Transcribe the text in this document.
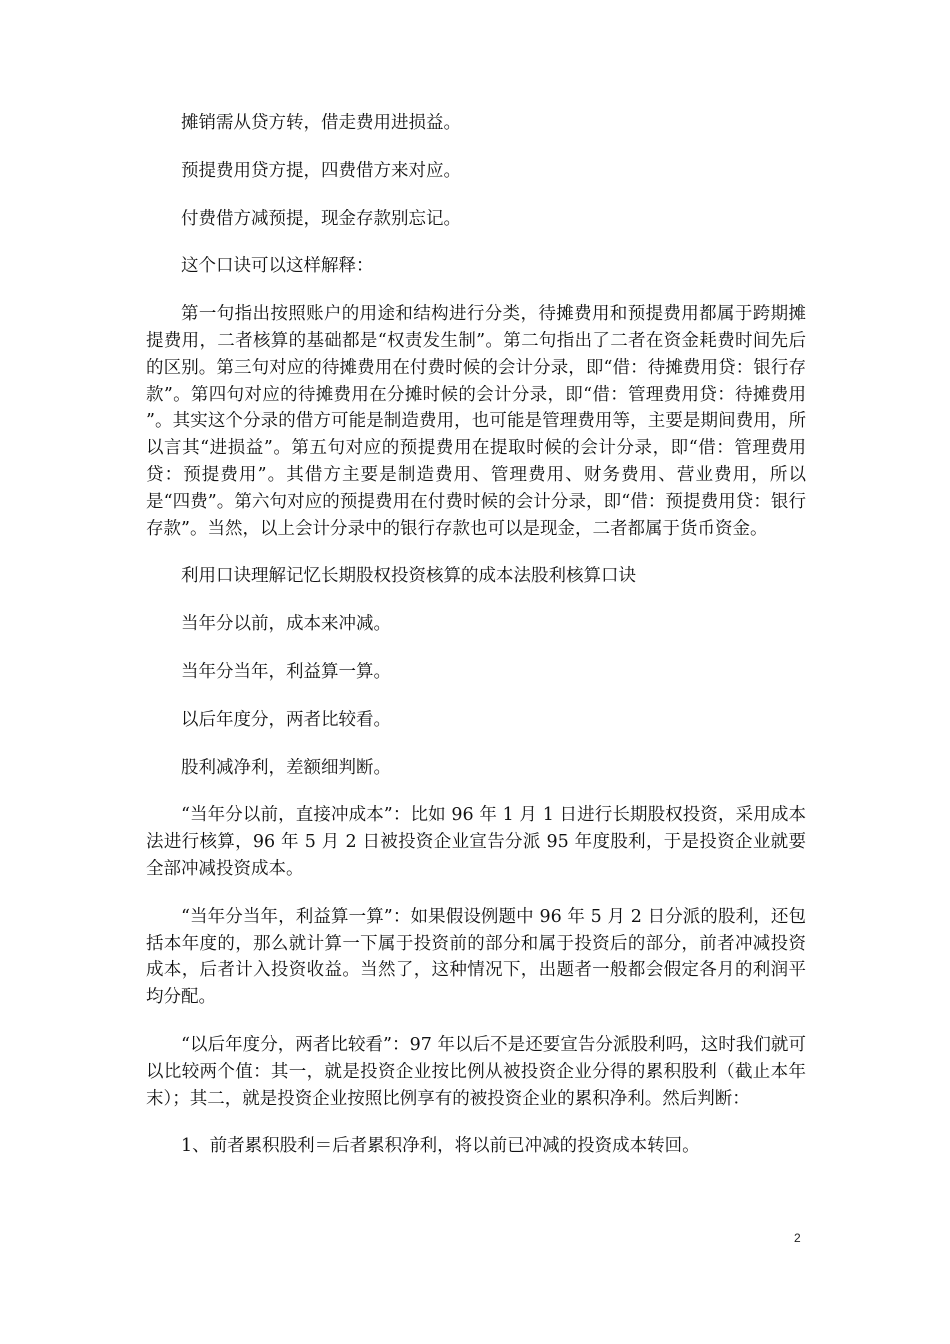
摊销需从贷方转，借走费用进损益。

预提费用贷方提，四费借方来对应。

付费借方减预提，现金存款别忘记。

这个口诀可以这样解释：

第一句指出按照账户的用途和结构进行分类，待摊费用和预提费用都属于跨期摊提费用，二者核算的基础都是“权责发生制”。第二句指出了二者在资金耗费时间先后的区别。第三句对应的待摊费用在付费时候的会计分录，即“借：待摊费用贷：银行存款”。第四句对应的待摊费用在分摊时候的会计分录，即“借：管理费用贷：待摊费用 ”。其实这个分录的借方可能是制造费用，也可能是管理费用等，主要是期间费用，所以言其“进损益”。第五句对应的预提费用在提取时候的会计分录，即“借：管理费用贷：预提费用”。其借方主要是制造费用、管理费用、财务费用、营业费用，所以是“四费”。第六句对应的预提费用在付费时候的会计分录，即“借：预提费用贷：银行存款”。当然，以上会计分录中的银行存款也可以是现金，二者都属于货币资金。

利用口诀理解记忆长期股权投资核算的成本法股利核算口诀

当年分以前，成本来冲减。

当年分当年，利益算一算。

以后年度分，两者比较看。

股利减净利，差额细判断。

“当年分以前，直接冲成本”：比如 96 年 1 月 1 日进行长期股权投资，采用成本法进行核算，96 年 5 月 2 日被投资企业宣告分派 95 年度股利，于是投资企业就要全部冲减投资成本。

“当年分当年，利益算一算”：如果假设例题中 96 年 5 月 2 日分派的股利，还包括本年度的，那么就计算一下属于投资前的部分和属于投资后的部分，前者冲减投资成本，后者计入投资收益。当然了，这种情况下，出题者一般都会假定各月的利润平均分配。

“以后年度分，两者比较看”：97 年以后不是还要宣告分派股利吗，这时我们就可以比较两个值：其一，就是投资企业按比例从被投资企业分得的累积股利（截止本年末）；其二，就是投资企业按照比例享有的被投资企业的累积净利。然后判断：

1、前者累积股利＝后者累积净利，将以前已冲减的投资成本转回。

2
